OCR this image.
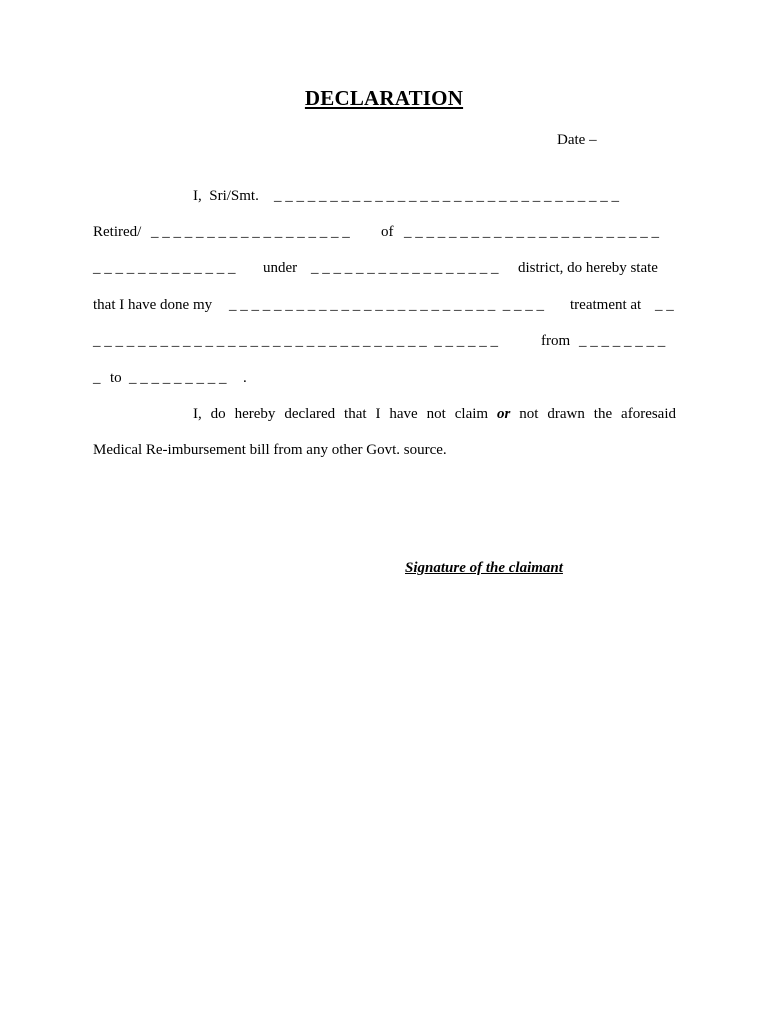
DECLARATION
Date –
I,  Sri/Smt. _ _ _ _ _ _ _ _ _ _ _ _ _ _ _ _ _ _ _ _ _ _ _ _ _ _ _ _ _ _ _
Retired/ _ _ _ _ _ _ _ _ _ _ _ _ _ _ _ _ _ _ of _ _ _ _ _ _ _ _ _ _ _ _ _ _ _ _ _ _ _ _ _ _ _
_ _ _ _ _ _ _ _ _ _ _ _ _ under _ _ _ _ _ _ _ _ _ _ _ _ _ _ _ _ _ district, do hereby state
that I have done my _ _ _ _ _ _ _ _ _ _ _ _ _ _ _ _ _ _ _ _ _ _ _ _  _ _ _ _ treatment at _ _
_ _ _ _ _ _ _ _ _ _ _ _ _ _ _ _ _ _ _ _ _ _ _ _ _ _ _ _ _ _  _ _ _ _ _ _	from _ _ _ _ _ _ _ _
_ to _ _ _ _ _ _ _ _ _ .
I, do hereby declared that I have not claim or not drawn the aforesaid
Medical Re-imbursement bill from any other Govt. source.
Signature of the claimant
